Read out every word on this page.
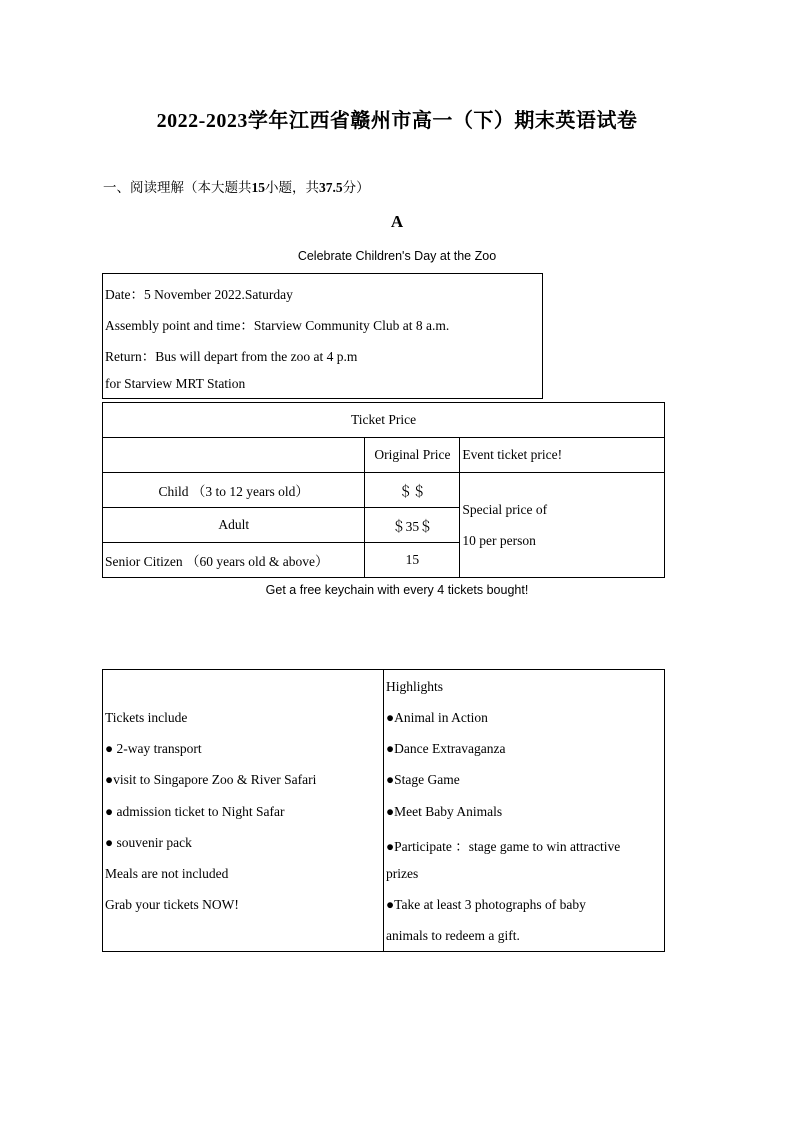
2022-2023学年江西省赣州市高一（下）期末英语试卷
一、阅读理解（本大题共15小题，共37.5分）
A
Celebrate Children's Day at the Zoo
Date：5 November 2022.Saturday
Assembly point and time：Starview Community Club at 8 a.m.
Return：Bus will depart from the zoo at 4 p.m
for Starview MRT Station
Ticket Price		
	Original Price	Event ticket price!
Child （3 to 12 years old）	＄＄	Special price of
10 per person

Adult	＄35＄	
Senior Citizen （60 years old & above）	15	
Get a free keychain with every 4 tickets bought!
Tickets include
● 2-way transport
●visit to Singapore Zoo & River Safari
● admission ticket to Night Safar
● souvenir pack
Meals are not included
Grab your tickets NOW!
Highlights
●Animal in Action
●Dance Extravaganza
●Stage Game
●Meet Baby Animals
●Participate ：stage game to win attractive
prizes
●Take at least 3 photographs of baby
animals to redeem a gift.
